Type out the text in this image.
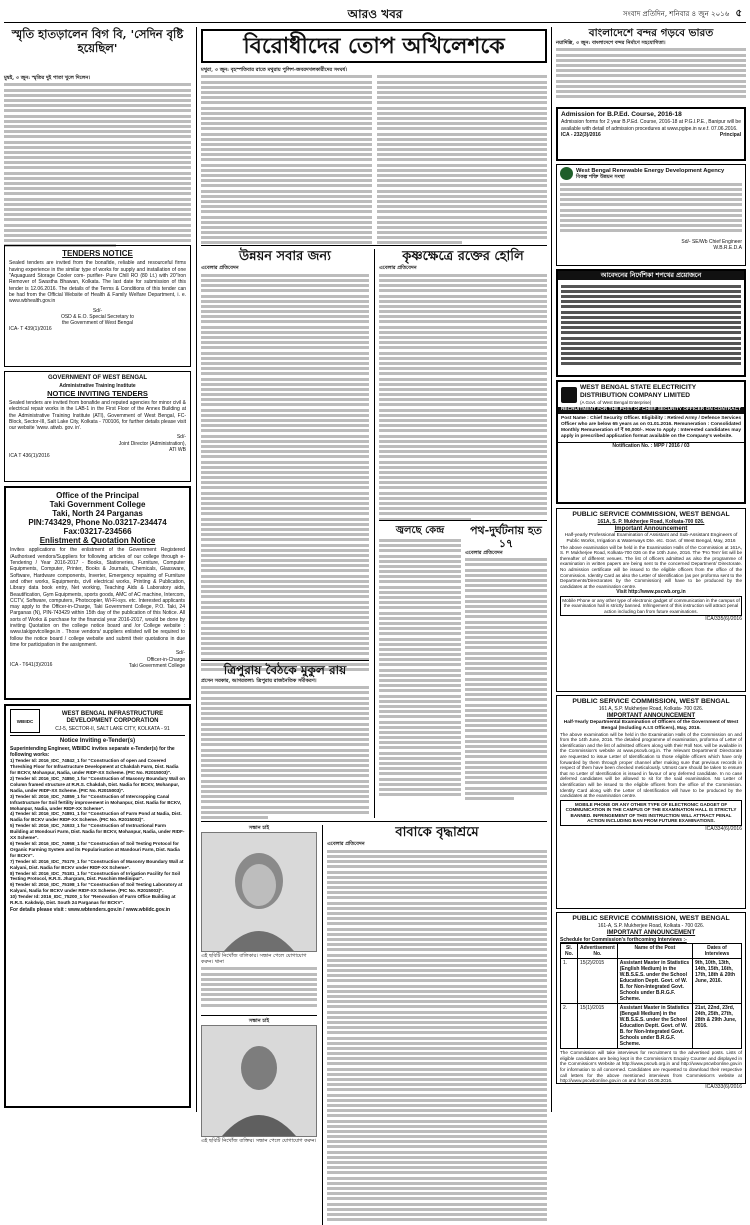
আরও খবর	সংবাদ প্রতিদিন, শনিবার ৪ জুন ২০১৬ ৫
স্মৃতি হাতড়ালেন বিগ বি, 'সেদিন বৃষ্টি হয়েছিল'
মুম্বই, ৩ জুন: স্মৃতির দুই পাতা খুলে দিলেন।
TENDERS NOTICE
Sealed tenders are invited from the bonafide, reliable and resourceful firms having experience in the similar type of works for supply and installation of one "Aquaguard Storage Cooler com- purifier- Pure Chill RO (80 Lt.) with 20"Iron Remover of Swastha Bhawan, Kolkata. The last date for submission of this tender is 12.06.2016. The details of the Terms & Conditions of this tender can be had from the Official Website of Health & Family Welfare Department, i. e. www.wbhealth.gov.in
Sd/-
OSD & E.O. Special Secretary to
the Government of West Bengal
ICA- T 439(1)/2016
GOVERNMENT OF WEST BENGAL
Administrative Training Institute
NOTICE INVITING TENDERS
Sealed tenders are invited from bonafide and reputed agencies for minor civil & electrical repair works in the LAB-1 in the First Floor of the Annex Building at the Administrative Training Institute (ATI), Government of West Bengal, FC-Block, Sector-III, Salt Lake City, Kolkata - 700106, for further details please visit our website 'www. atiwb. gov. in'.
Sd/-
Joint Director (Administration),
ATI WB
ICA T 436(1)/2016
Office of the Principal
Taki Government College
Taki, North 24 Parganas
PIN:743429, Phone No.03217-234474
Fax:03217-234566
Enlistment & Quotation Notice
Invites applications for the enlistment of the Government Registered /Authorised vendors/Suppliers for following articles of our college through e-Tendering / Year 2016-2017 - Books, Stationeries, Furniture, Computer Equipments, Computer, Printer, Books & Journals, Chemicals, Glassware, Software, Hardware components, Inverter, Emergency repairing of Furniture and other works, Equipments, civil electrical works, Printing & Publication, Library data book entry, Net working, Teaching Aids & Laboratory aids, Beautification, Gym Equipments, sports goods, AMC of AC machine, Intercom, CCTV, Software, computers, Photocopier, Wi-Fi-sys. etc. Interested applicants may apply to the Officer-in-Charge, Taki Government College, P.O. Taki, 24 Parganas (N), PIN-743429 within 15th day of the publication of this Notice. All sorts of Works & purchase for the financial year 2016-2017, would be done by inviting Quotation on the college notice board and /or College website : www.takigovtcollege.in . Those vendors/ suppliers enlisted will be required to follow the notice board / college website and submit their quotations in due time for participation in the assignment.
Sd/-
Officer-in-Charge
Taki Government College
ICA - T641(3)/2016
WBIIDC
WEST BENGAL INFRASTRUCTURE
DEVELOPMENT CORPORATION
CJ-5, SECTOR-II, SALT LAKE CITY, KOLKATA - 91
Notice Inviting e-Tender(s)
Superintending Engineer, WBIIDC invites separate e-Tender(s) for the following works:
1) Tender Id: 2016_IDC_74842_1 for "Construction of open and Covered Threshing Floor for Infrastructure Development at Chakdah Farm, Dist. Nadia for BCKV, Mohanpur, Nadia, under RIDF-XX Scheme. (PIC No. R2015003)".
2) Tender Id: 2016_IDC_74850_1 for "Construction of Masonry Boundary Wall on Column framed structure at R.R.S. Chakdah, Dist. Nadia for BCKV, Mohanpur, Nadia, under RIDF-XX Scheme. (PIC No. R2015003)".
3) Tender Id: 2016_IDC_74859_1 for "Construction of Intercropping Canal Infrastructure for Soil fertility improvement in Mohanpur, Dist. Nadia for BCKV, Mohanpur, Nadia, under RIDF-XX Scheme".
4) Tender Id: 2016_IDC_74891_1 for "Construction of Farm Pond at Nadia, Dist. Nadia for BCKV under RIDF-XX Scheme. (PIC No. R2015003)".
5) Tender Id: 2016_IDC_74933_1 for "Construction of Instructional Farm Building at Mondouri Farm, Dist. Nadia for BCKV, Mohanpur, Nadia, under RIDF-XX Scheme".
6) Tender Id: 2016_IDC_74958_1 for "Construction of Soil Testing Protocol for Organic Farming System and its Popularisation at Mandouri Farm, Dist. Nadia for BCKV".
7) Tender Id: 2016_IDC_75179_1 for "Construction of Masonry Boundary Wall at Kalyani, Dist. Nadia for BCKV under RIDF-XX Scheme".
8) Tender Id: 2016_IDC_75181_1 for "Construction of Irrigation Facility for Soil Testing Protocol, R.R.S. Jhargram, Dist. Paschim Medinipur".
9) Tender Id: 2016_IDC_75198_1 for "Construction of Soil Testing Laboratory at Kalyani, Nadia for BCKV under RIDF-XX Scheme. (PIC No. R2015003)".
10) Tender Id: 2016_IDC_75200_1 for "Renovation of Farm Office Building at R.R.S. Kakdwip, Dist. South 24 Parganas for BCKV".
For details please visit : www.wbtenders.gov.in / www.wbiidc.gov.in
বিরোধীদের তোপ অখিলেশকে
মথুরা, ৩ জুন: বৃহস্পতিবার রাতে মথুরায় পুলিশ-জবরদখলকারীদের সংঘর্ষ।
উন্নয়ন সবার জন্য
এবেলার প্রতিবেদন
ত্রিপুরায় বৈঠকে মুকুল রায়
প্রসেন সরকার, আগরতলা: ত্রিপুরায় রাজনৈতিক সমীকরণ।
কৃষ্ণক্ষেত্রে রক্তের হোলি
এবেলার প্রতিবেদন
জ্বলছে কেন্দ্র	পথ-দুর্ঘটনায় হত ১৭
এবেলার প্রতিবেদন
সন্ধান চাই
এই ছবিটি নিখোঁজ বালিকার। সন্ধান পেলে যোগাযোগ করুন। থানা
সন্ধান চাই
এই ছবিটি নিখোঁজ ব্যক্তির। সন্ধান পেলে যোগাযোগ করুন।
বাবাকে বৃদ্ধাশ্রমে
এবেলার প্রতিবেদন
বাংলাদেশে বন্দর গড়বে ভারত
নয়াদিল্লি, ৩ জুন: বাংলাদেশে বন্দর নির্মাণে সহযোগিতা।
Admission for B.P.Ed. Course, 2016-18
Admission forms for 2 year B.P.Ed. Course, 2016-18 at P.G.I.P.E., Banipur will be available with detail of admission procedures at www.pgipe.in w.e.f. 07.06.2016.
ICA - 232(3)/2016	Principal
West Bengal Renewable Energy Development Agency
বিকল্প শক্তি উন্নয়ন সংস্থা
Sd/- SE/Wb Chief Engineer
W.B.R.E.D.A
আবেদনের নির্দেশিকা শপথের প্রয়োজনে
WEST BENGAL STATE ELECTRICITY
DISTRIBUTION COMPANY LIMITED
(A Govt. of West Bengal Enterprise)
RECRUITMENT FOR THE POST OF CHIEF SECURITY OFFICER ON CONTRACT
Post Name : Chief Security Officer. Eligibility : Retired Army / Defence Services Officer who are below 65 years as on 01.01.2016. Remuneration : Consolidated Monthly Remuneration of ₹ 90,000/-. How to Apply : Interested candidates may apply in prescribed application format available on the Company's website.
Notification No. : MPP / 2016 / 03
PUBLIC SERVICE COMMISSION, WEST BENGAL
161A, S. P. Mukherjee Road, Kolkata-700 026.
Important Announcement
Half-yearly Professional Examination of Assistant and Sub-Assistant Engineers of Public Works, Irrigation & Waterways Dte. etc. Govt. of West Bengal, May, 2016
The above examination will be held in the Examination Halls of the Commission at 161A, S. P. Mukherjee Road, Kolkata-700 026 on the 10th June, 2016. The 'Pro Tem' list will be thereafter of different venues. The list of officers admitted as also the programme of examination in written papers are being sent to the concerned Department/ Directorate. No admission certificate will be issued to the eligible officers from the office of the Commission. Identity Card as also the Letter of Identification (as per proforma sent to the Departments/Directorates by the Commission) will have to be produced by the candidates at the examination centre.
Visit http://www.pscwb.org.in
Mobile Phone or any other type of electronic gadget of communication in the campus of the examination hall is strictly banned. Infringement of this instruction will attract penal action including ban from future examinations.
ICA/335(6)/2016
PUBLIC SERVICE COMMISSION, WEST BENGAL
161 A, S.P. Mukherjee Road, Kolkata- 700 026.
IMPORTANT ANNOUNCEMENT
Half-Yearly Departmental Examination of Officers of the Government of West Bengal (Including A.I.S Officers), May, 2016.
The above examination will be held in the Examination Halls of the Commission on and from the 14th June, 2016. The detailed programme of examination, proforma of Letter of Identification and the list of admitted officers along with their Roll Nos. will be available in the Commission's website at www.pscwb.org.in. The relevant Department/ Directorate are requested to issue Letter of Identification to those eligible officers which have only forwarded by them through proper channel after making sure that previous records in respect of them have been checked meticulously. Utmost care should be taken to ensure that no Letter of Identification is issued in favour of any deferred candidate. In no case deferred candidates will be allowed to sit for the said examination. No Letter of Identification will be issued to the eligible officers from the office of the Commission. Identity Card along with the Letter of Identification will have to be produced by the candidates at the examination centre.
MOBILE PHONE OR ANY OTHER TYPE OF ELECTRONIC GADGET OF COMMUNICATION IN THE CAMPUS OF THE EXAMINATION HALL IS STRICTLY BANNED. INFRINGEMENT OF THIS INSTRUCTION WILL ATTRACT PENAL ACTION INCLUDING BAN FROM FUTURE EXAMINATIONS.
ICA/334(6)/2016
PUBLIC SERVICE COMMISSION, WEST BENGAL
161-A, S.P. Mukherjee Road, Kolkata - 700 026.
IMPORTANT ANNOUNCEMENT
Schedule for Commission's forthcoming Interviews :-
Sl. No.	Advertisement No.	Name of the Post	Dates of Interviews
1.	15(2)/2015	Assistant Master in Statistics (English Medium) in the W.B.S.E.S. under the School Education Deptt. Govt. of W. B. for Non-Integrated Govt. Schools under B.R.G.F. Scheme.	9th, 10th, 13th, 14th, 15th, 16th, 17th, 18th & 20th June, 2016.
2.	15(1)/2015	Assistant Master in Statistics (Bengali Medium) in the W.B.S.E.S. under the School Education Deptt. Govt. of W. B. for Non-Integrated Govt. Schools under B.R.G.F. Scheme.	21st, 22nd, 23rd, 24th, 25th, 27th, 28th & 29th June, 2016.
The Commission will take interviews for recruitment to the advertised posts. Lists of eligible candidates are being kept in the Commission's Enquiry Counter and displayed in the Commission's Website at http://www.pscwb.org.in and http://www.pscwbonline.gov.in for information to all concerned. Candidates are requested to download their respective call letters for the above mentioned interviews from Commission's website at http://www.pscwbonline.gov.in on and from 04.06.2016.
ICA/333(6)/2016
